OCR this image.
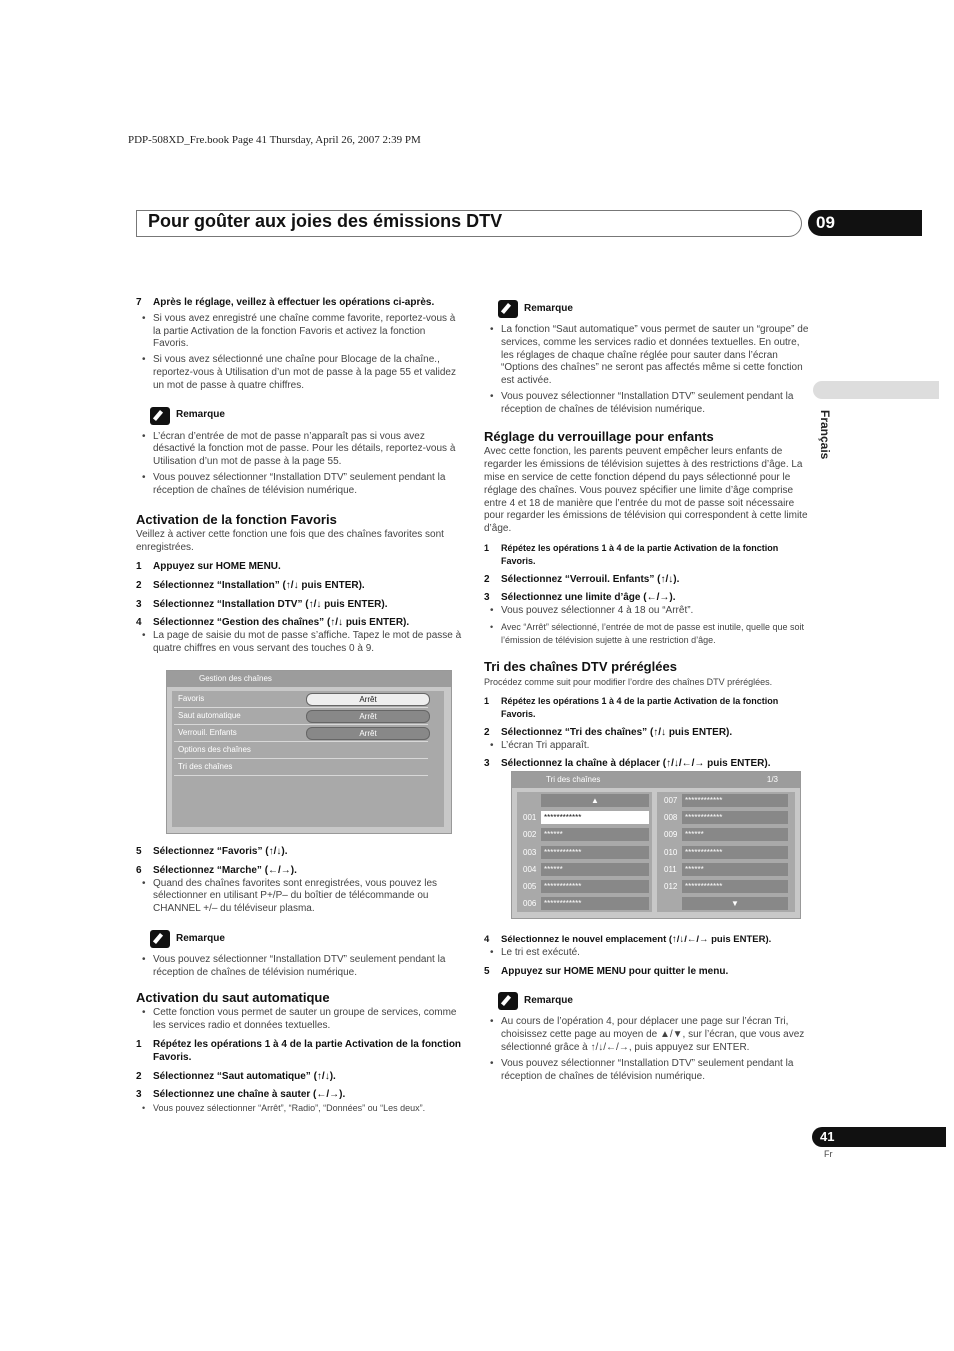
PDP-508XD_Fre.book Page 41 Thursday, April 26, 2007 2:39 PM
Pour goûter aux joies des émissions DTV	09
Français

7	Après le réglage, veillez à effectuer les opérations ci-après.

• Si vous avez enregistré une chaîne comme favorite, reportez-vous à la partie Activation de la fonction Favoris et activez la fonction Favoris.

• Si vous avez sélectionné une chaîne pour Blocage de la chaîne., reportez-vous à Utilisation d’un mot de passe à la page 55 et validez un mot de passe à quatre chiffres.

Remarque

• L’écran d’entrée de mot de passe n’apparaît pas si vous avez désactivé la fonction mot de passe. Pour les détails, reportez-vous à Utilisation d’un mot de passe à la page 55.

• Vous pouvez sélectionner “Installation DTV” seulement pendant la réception de chaînes de télévision numérique.

Activation de la fonction Favoris

Veillez à activer cette fonction une fois que des chaînes favorites sont enregistrées.

1	Appuyez sur HOME MENU.

2	Sélectionnez “Installation” (↑/↓ puis ENTER).

3	Sélectionnez “Installation DTV” (↑/↓ puis ENTER).

4	Sélectionnez “Gestion des chaînes” (↑/↓ puis ENTER).

• La page de saisie du mot de passe s’affiche. Tapez le mot de passe à quatre chiffres en vous servant des touches 0 à 9.

Gestion des chaînes
Favoris	Arrêt
Saut automatique	Arrêt
Verrouil. Enfants	Arrêt
Options des chaînes
Tri des chaînes

5	Sélectionnez “Favoris” (↑/↓).

6	Sélectionnez “Marche” (←/→).

• Quand des chaînes favorites sont enregistrées, vous pouvez les sélectionner en utilisant P+/P– du boîtier de télécommande ou CHANNEL +/– du téléviseur plasma.

Remarque

• Vous pouvez sélectionner “Installation DTV” seulement pendant la réception de chaînes de télévision numérique.

Activation du saut automatique

• Cette fonction vous permet de sauter un groupe de services, comme les services radio et données textuelles.

1	Répétez les opérations 1 à 4 de la partie Activation de la fonction Favoris.

2	Sélectionnez “Saut automatique” (↑/↓).

3	Sélectionnez une chaîne à sauter (←/→).

• Vous pouvez sélectionner “Arrêt”, “Radio”, “Données” ou “Les deux”.

Remarque

• La fonction “Saut automatique” vous permet de sauter un “groupe” de services, comme les services radio et données textuelles. En outre, les réglages de chaque chaîne réglée pour sauter dans l’écran “Options des chaînes” ne seront pas affectés même si cette fonction est activée.

• Vous pouvez sélectionner “Installation DTV” seulement pendant la réception de chaînes de télévision numérique.

Réglage du verrouillage pour enfants

Avec cette fonction, les parents peuvent empêcher leurs enfants de regarder les émissions de télévision sujettes à des restrictions d’âge. La mise en service de cette fonction dépend du pays sélectionné pour le réglage des chaînes. Vous pouvez spécifier une limite d’âge comprise entre 4 et 18 de manière que l’entrée du mot de passe soit nécessaire pour regarder les émissions de télévision qui correspondent à cette limite d’âge.

1	Répétez les opérations 1 à 4 de la partie Activation de la fonction Favoris.

2	Sélectionnez “Verrouil. Enfants” (↑/↓).

3	Sélectionnez une limite d’âge (←/→).

• Vous pouvez sélectionner 4 à 18 ou “Arrêt”.

• Avec “Arrêt” sélectionné, l’entrée de mot de passe est inutile, quelle que soit l’émission de télévision sujette à une restriction d’âge.

Tri des chaînes DTV préréglées

Procédez comme suit pour modifier l’ordre des chaînes DTV préréglées.

1	Répétez les opérations 1 à 4 de la partie Activation de la fonction Favoris.

2	Sélectionnez “Tri des chaînes” (↑/↓ puis ENTER).

• L’écran Tri apparaît.

3	Sélectionnez la chaîne à déplacer (↑/↓/←/→ puis ENTER).

Tri des chaînes	1/3
▲
001 ************
002 ******
003 ************
004 ******
005 ************
006 ************
007 ************
008 ************
009 ******
010 ************
011	******
012 ************
▼

4	Sélectionnez le nouvel emplacement (↑/↓/←/→ puis ENTER).

• Le tri est exécuté.

5	Appuyez sur HOME MENU pour quitter le menu.

Remarque

• Au cours de l’opération 4, pour déplacer une page sur l’écran Tri, choisissez cette page au moyen de ▲/▼, sur l’écran, que vous avez sélectionné grâce à ↑/↓/←/→, puis appuyez sur ENTER.

• Vous pouvez sélectionner “Installation DTV” seulement pendant la réception de chaînes de télévision numérique.

41
Fr
